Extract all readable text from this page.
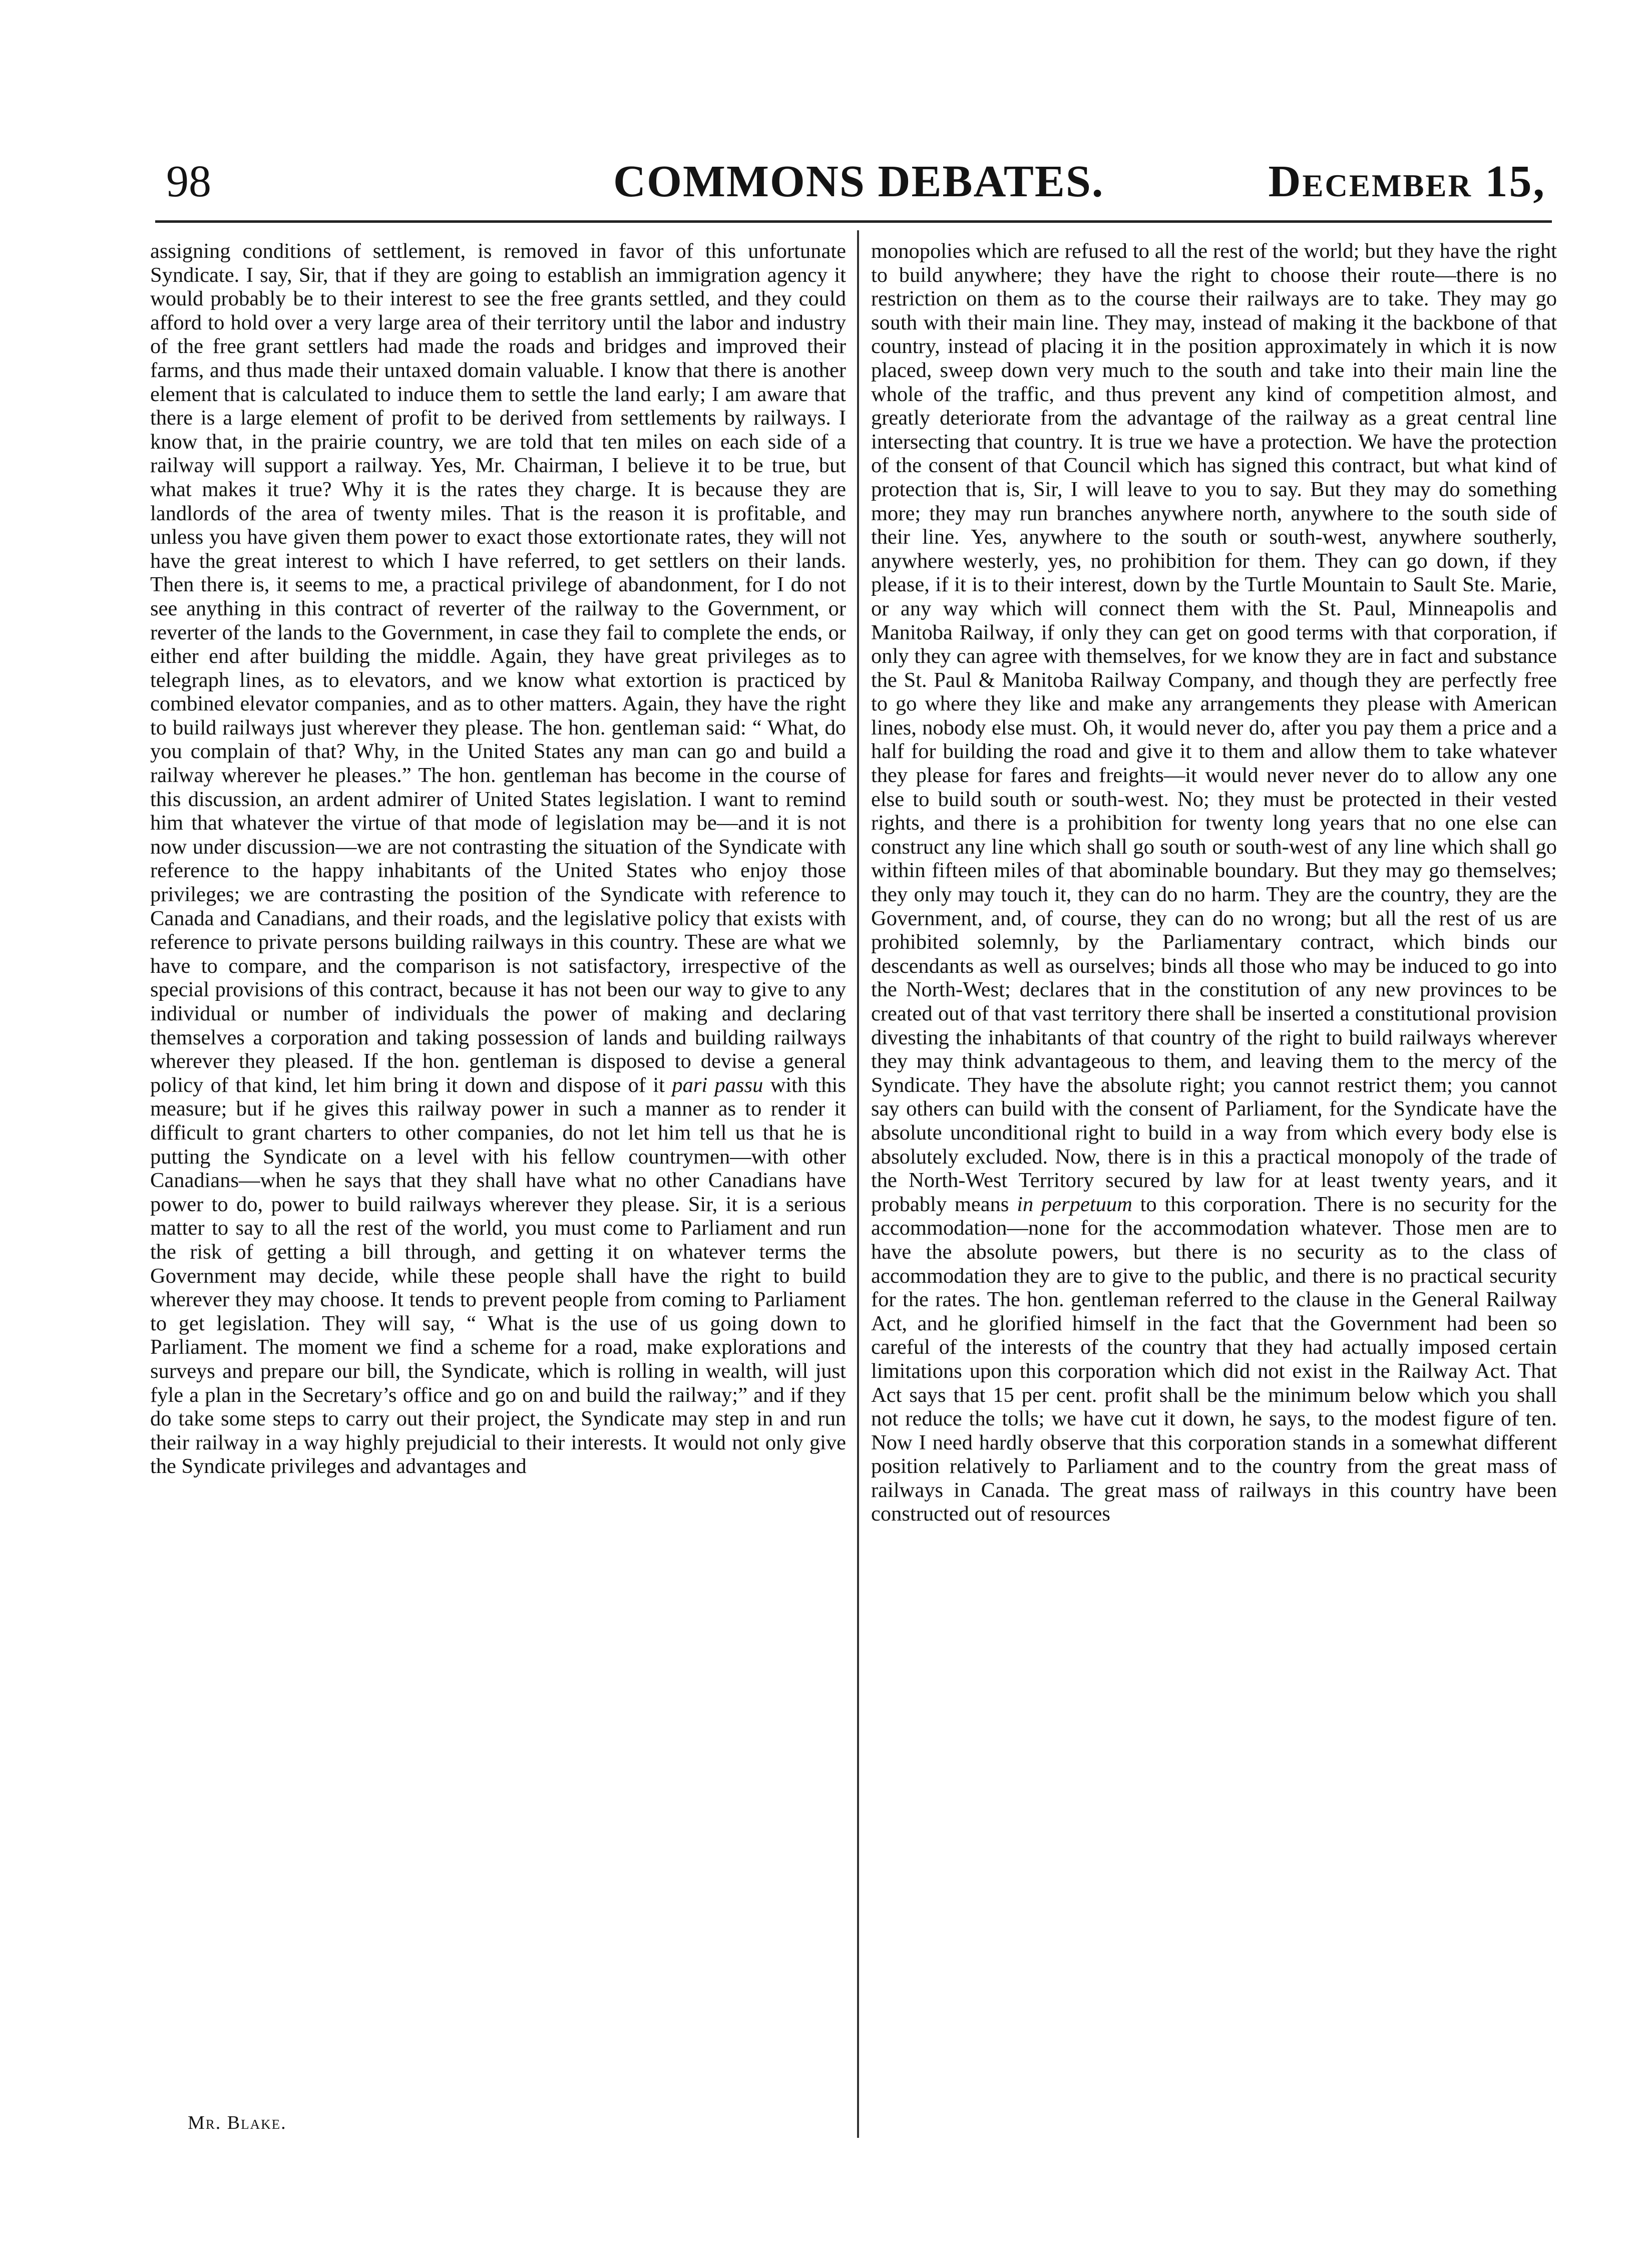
98	COMMONS DEBATES.	December 15,

assigning conditions of settlement, is removed in favor of this unfortunate Syndicate. I say, Sir, that if they are going to establish an immigration agency it would probably be to their interest to see the free grants settled, and they could afford to hold over a very large area of their territory until the labor and industry of the free grant settlers had made the roads and bridges and improved their farms, and thus made their untaxed domain valuable. I know that there is another element that is calculated to induce them to settle the land early; I am aware that there is a large element of profit to be derived from settlements by railways. I know that, in the prairie country, we are told that ten miles on each side of a railway will support a railway. Yes, Mr. Chairman, I believe it to be true, but what makes it true? Why it is the rates they charge. It is because they are landlords of the area of twenty miles. That is the reason it is profitable, and unless you have given them power to exact those extortionate rates, they will not have the great interest to which I have referred, to get settlers on their lands. Then there is, it seems to me, a practical privilege of abandonment, for I do not see anything in this contract of reverter of the railway to the Government, or reverter of the lands to the Government, in case they fail to complete the ends, or either end after building the middle. Again, they have great privileges as to telegraph lines, as to elevators, and we know what extortion is practiced by combined elevator companies, and as to other matters. Again, they have the right to build railways just wherever they please. The hon. gentleman said: “ What, do you complain of that? Why, in the United States any man can go and build a railway wherever he pleases.” The hon. gentleman has become in the course of this discussion, an ardent admirer of United States legislation. I want to remind him that whatever the virtue of that mode of legislation may be—and it is not now under discussion—we are not contrasting the situation of the Syndicate with reference to the happy inhabitants of the United States who enjoy those privileges; we are contrasting the position of the Syndicate with reference to Canada and Canadians, and their roads, and the legislative policy that exists with reference to private persons building railways in this country. These are what we have to compare, and the comparison is not satisfactory, irrespective of the special provisions of this contract, because it has not been our way to give to any individual or number of individuals the power of making and declaring themselves a corporation and taking possession of lands and building railways wherever they pleased. If the hon. gentleman is disposed to devise a general policy of that kind, let him bring it down and dispose of it pari passu with this measure; but if he gives this railway power in such a manner as to render it difficult to grant charters to other companies, do not let him tell us that he is putting the Syndicate on a level with his fellow countrymen—with other Canadians—when he says that they shall have what no other Canadians have power to do, power to build railways wherever they please. Sir, it is a serious matter to say to all the rest of the world, you must come to Parliament and run the risk of getting a bill through, and getting it on whatever terms the Government may decide, while these people shall have the right to build wherever they may choose. It tends to prevent people from coming to Parliament to get legislation. They will say, “ What is the use of us going down to Parliament. The moment we find a scheme for a road, make explorations and surveys and prepare our bill, the Syndicate, which is rolling in wealth, will just fyle a plan in the Secretary’s office and go on and build the railway;” and if they do take some steps to carry out their project, the Syndicate may step in and run their railway in a way highly prejudicial to their interests. It would not only give the Syndicate privileges and advantages and

monopolies which are refused to all the rest of the world; but they have the right to build anywhere; they have the right to choose their route—there is no restriction on them as to the course their railways are to take. They may go south with their main line. They may, instead of making it the backbone of that country, instead of placing it in the position approximately in which it is now placed, sweep down very much to the south and take into their main line the whole of the traffic, and thus prevent any kind of competition almost, and greatly deteriorate from the advantage of the railway as a great central line intersecting that country. It is true we have a protection. We have the protection of the consent of that Council which has signed this contract, but what kind of protection that is, Sir, I will leave to you to say. But they may do something more; they may run branches anywhere north, anywhere to the south side of their line. Yes, anywhere to the south or south-west, anywhere southerly, anywhere westerly, yes, no prohibition for them. They can go down, if they please, if it is to their interest, down by the Turtle Mountain to Sault Ste. Marie, or any way which will connect them with the St. Paul, Minneapolis and Manitoba Railway, if only they can get on good terms with that corporation, if only they can agree with themselves, for we know they are in fact and substance the St. Paul & Manitoba Railway Company, and though they are perfectly free to go where they like and make any arrangements they please with American lines, nobody else must. Oh, it would never do, after you pay them a price and a half for building the road and give it to them and allow them to take whatever they please for fares and freights—it would never never do to allow any one else to build south or south-west. No; they must be protected in their vested rights, and there is a prohibition for twenty long years that no one else can construct any line which shall go south or south-west of any line which shall go within fifteen miles of that abominable boundary. But they may go themselves; they only may touch it, they can do no harm. They are the country, they are the Government, and, of course, they can do no wrong; but all the rest of us are prohibited solemnly, by the Parliamentary contract, which binds our descendants as well as ourselves; binds all those who may be induced to go into the North-West; declares that in the constitution of any new provinces to be created out of that vast territory there shall be inserted a constitutional provision divesting the inhabitants of that country of the right to build railways wherever they may think advantageous to them, and leaving them to the mercy of the Syndicate. They have the absolute right; you cannot restrict them; you cannot say others can build with the consent of Parliament, for the Syndicate have the absolute unconditional right to build in a way from which every body else is absolutely excluded. Now, there is in this a practical monopoly of the trade of the North-West Territory secured by law for at least twenty years, and it probably means in perpetuum to this corporation. There is no security for the accommodation—none for the accommodation whatever. Those men are to have the absolute powers, but there is no security as to the class of accommodation they are to give to the public, and there is no practical security for the rates. The hon. gentleman referred to the clause in the General Railway Act, and he glorified himself in the fact that the Government had been so careful of the interests of the country that they had actually imposed certain limitations upon this corporation which did not exist in the Railway Act. That Act says that 15 per cent. profit shall be the minimum below which you shall not reduce the tolls; we have cut it down, he says, to the modest figure of ten. Now I need hardly observe that this corporation stands in a somewhat different position relatively to Parliament and to the country from the great mass of railways in Canada. The great mass of railways in this country have been constructed out of resources

Mr. Blake.
